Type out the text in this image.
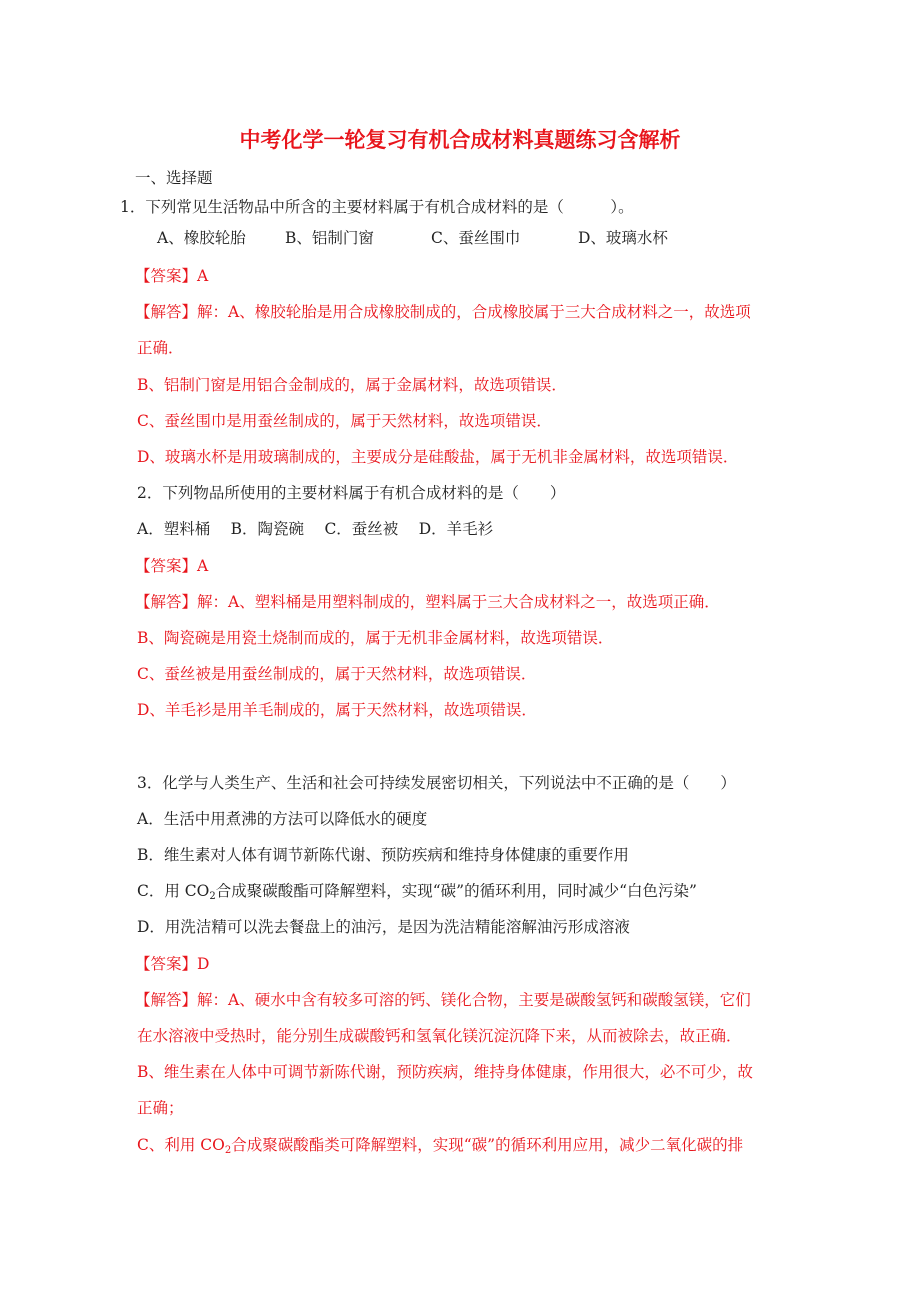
中考化学一轮复习有机合成材料真题练习含解析
一、选择题
1．下列常见生活物品中所含的主要材料属于有机合成材料的是（　　　）。
A、橡胶轮胎	B、铝制门窗	C、蚕丝围巾	D、玻璃水杯
【答案】A
【解答】解：A、橡胶轮胎是用合成橡胶制成的，合成橡胶属于三大合成材料之一，故选项
正确．
B、铝制门窗是用铝合金制成的，属于金属材料，故选项错误．
C、蚕丝围巾是用蚕丝制成的，属于天然材料，故选项错误．
D、玻璃水杯是用玻璃制成的，主要成分是硅酸盐，属于无机非金属材料，故选项错误．
2．下列物品所使用的主要材料属于有机合成材料的是（　　）
A．塑料桶　 B．陶瓷碗　 C．蚕丝被　 D．羊毛衫
【答案】A
【解答】解：A、塑料桶是用塑料制成的，塑料属于三大合成材料之一，故选项正确．
B、陶瓷碗是用瓷土烧制而成的，属于无机非金属材料，故选项错误．
C、蚕丝被是用蚕丝制成的，属于天然材料，故选项错误．
D、羊毛衫是用羊毛制成的，属于天然材料，故选项错误．
3．化学与人类生产、生活和社会可持续发展密切相关，下列说法中不正确的是（　　）
A．生活中用煮沸的方法可以降低水的硬度
B．维生素对人体有调节新陈代谢、预防疾病和维持身体健康的重要作用
C．用 $CO_2$合成聚碳酸酯可降解塑料，实现“碳”的循环利用，同时减少“白色污染”
D．用洗洁精可以洗去餐盘上的油污，是因为洗洁精能溶解油污形成溶液
【答案】D
【解答】解：A、硬水中含有较多可溶的钙、镁化合物，主要是碳酸氢钙和碳酸氢镁，它们
在水溶液中受热时，能分别生成碳酸钙和氢氧化镁沉淀沉降下来，从而被除去，故正确．
B、维生素在人体中可调节新陈代谢，预防疾病，维持身体健康，作用很大，必不可少，故
正确；
C、利用 $CO_2$合成聚碳酸酯类可降解塑料，实现“碳”的循环利用应用，减少二氧化碳的排
